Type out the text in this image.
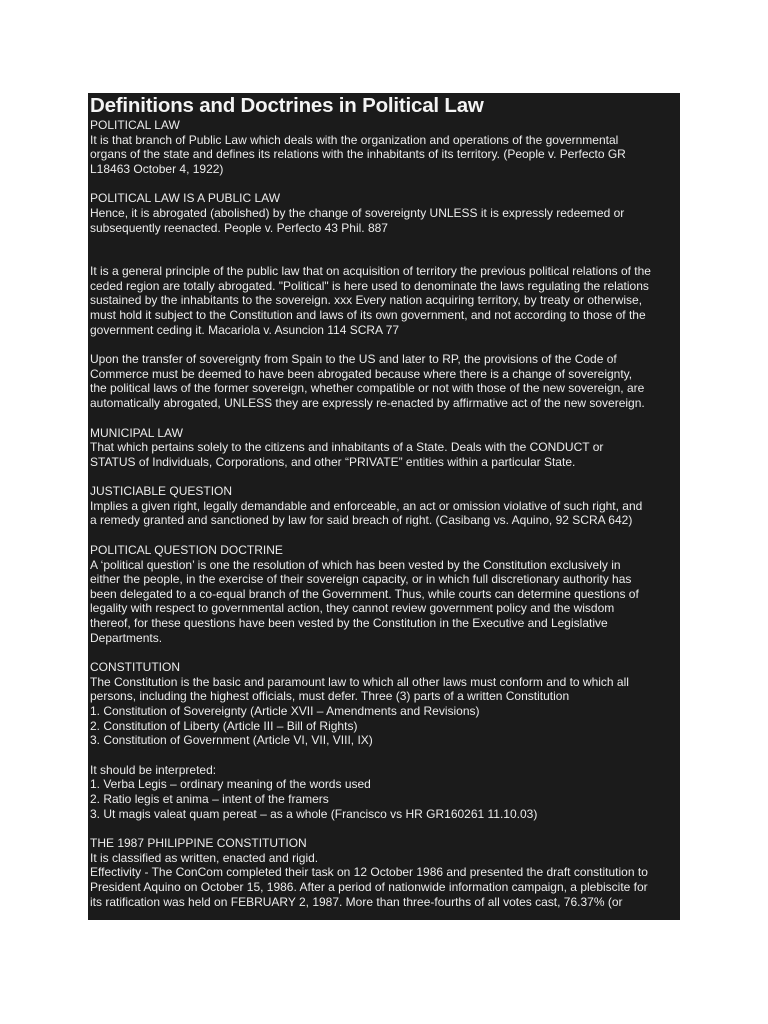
Definitions and Doctrines in Political Law

POLITICAL LAW

It is that branch of Public Law which deals with the organization and operations of the governmental

organs of the state and defines its relations with the inhabitants of its territory. (People v. Perfecto GR

L18463 October 4, 1922)

POLITICAL LAW IS A PUBLIC LAW

Hence, it is abrogated (abolished) by the change of sovereignty UNLESS it is expressly redeemed or

subsequently reenacted. People v. Perfecto 43 Phil. 887

It is a general principle of the public law that on acquisition of territory the previous political relations of the

ceded region are totally abrogated. "Political" is here used to denominate the laws regulating the relations

sustained by the inhabitants to the sovereign. xxx Every nation acquiring territory, by treaty or otherwise,

must hold it subject to the Constitution and laws of its own government, and not according to those of the

government ceding it. Macariola v. Asuncion 114 SCRA 77

Upon the transfer of sovereignty from Spain to the US and later to RP, the provisions of the Code of

Commerce must be deemed to have been abrogated because where there is a change of sovereignty,

the political laws of the former sovereign, whether compatible or not with those of the new sovereign, are

automatically abrogated, UNLESS they are expressly re-enacted by affirmative act of the new sovereign.

MUNICIPAL LAW

That which pertains solely to the citizens and inhabitants of a State. Deals with the CONDUCT or

STATUS of Individuals, Corporations, and other “PRIVATE” entities within a particular State.

JUSTICIABLE QUESTION

Implies a given right, legally demandable and enforceable, an act or omission violative of such right, and

a remedy granted and sanctioned by law for said breach of right. (Casibang vs. Aquino, 92 SCRA 642)

POLITICAL QUESTION DOCTRINE

A ‘political question’ is one the resolution of which has been vested by the Constitution exclusively in

either the people, in the exercise of their sovereign capacity, or in which full discretionary authority has

been delegated to a co-equal branch of the Government. Thus, while courts can determine questions of

legality with respect to governmental action, they cannot review government policy and the wisdom

thereof, for these questions have been vested by the Constitution in the Executive and Legislative

Departments.

CONSTITUTION

The Constitution is the basic and paramount law to which all other laws must conform and to which all

persons, including the highest officials, must defer. Three (3) parts of a written Constitution

1. Constitution of Sovereignty (Article XVII – Amendments and Revisions)

2. Constitution of Liberty (Article III – Bill of Rights)

3. Constitution of Government (Article VI, VII, VIII, IX)

It should be interpreted:

1. Verba Legis – ordinary meaning of the words used

2. Ratio legis et anima – intent of the framers

3. Ut magis valeat quam pereat – as a whole (Francisco vs HR GR160261 11.10.03)

THE 1987 PHILIPPINE CONSTITUTION

It is classified as written, enacted and rigid.

Effectivity - The ConCom completed their task on 12 October 1986 and presented the draft constitution to

President Aquino on October 15, 1986. After a period of nationwide information campaign, a plebiscite for

its ratification was held on FEBRUARY 2, 1987. More than three-fourths of all votes cast, 76.37% (or
